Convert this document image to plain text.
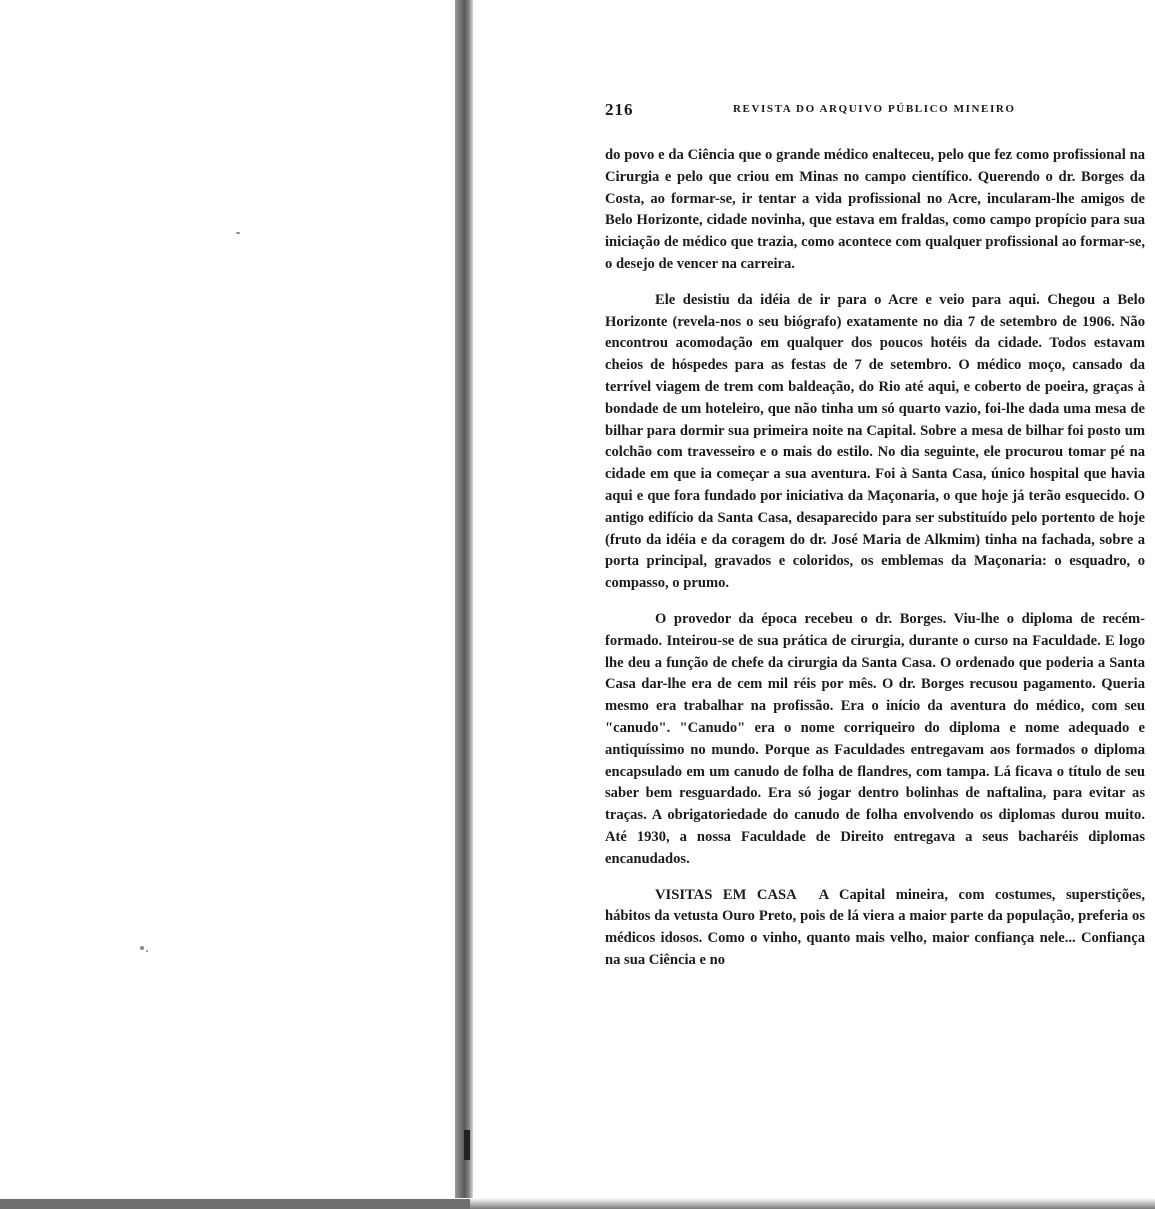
216	REVISTA DO ARQUIVO PÚBLICO MINEIRO

do povo e da Ciência que o grande médico enalteceu, pelo que fez como profissional na Cirurgia e pelo que criou em Minas no campo científico. Querendo o dr. Borges da Costa, ao formar-se, ir tentar a vida profissional no Acre, incularam-lhe amigos de Belo Horizonte, cidade novinha, que estava em fraldas, como campo propício para sua iniciação de médico que trazia, como acontece com qualquer profissional ao formar-se, o desejo de vencer na carreira.

Ele desistiu da idéia de ir para o Acre e veio para aqui. Chegou a Belo Horizonte (revela-nos o seu biógrafo) exatamente no dia 7 de setembro de 1906. Não encontrou acomodação em qualquer dos poucos hotéis da cidade. Todos estavam cheios de hóspedes para as festas de 7 de setembro. O médico moço, cansado da terrível viagem de trem com baldeação, do Rio até aqui, e coberto de poeira, graças à bondade de um hoteleiro, que não tinha um só quarto vazio, foi-lhe dada uma mesa de bilhar para dormir sua primeira noite na Capital. Sobre a mesa de bilhar foi posto um colchão com travesseiro e o mais do estilo. No dia seguinte, ele procurou tomar pé na cidade em que ia começar a sua aventura. Foi à Santa Casa, único hospital que havia aqui e que fora fundado por iniciativa da Maçonaria, o que hoje já terão esquecido. O antigo edifício da Santa Casa, desaparecido para ser substituído pelo portento de hoje (fruto da idéia e da coragem do dr. José Maria de Alkmim) tinha na fachada, sobre a porta principal, gravados e coloridos, os emblemas da Maçonaria: o esquadro, o compasso, o prumo.

O provedor da época recebeu o dr. Borges. Viu-lhe o diploma de recém-formado. Inteirou-se de sua prática de cirurgia, durante o curso na Faculdade. E logo lhe deu a função de chefe da cirurgia da Santa Casa. O ordenado que poderia a Santa Casa dar-lhe era de cem mil réis por mês. O dr. Borges recusou pagamento. Queria mesmo era trabalhar na profissão. Era o início da aventura do médico, com seu "canudo". "Canudo" era o nome corriqueiro do diploma e nome adequado e antiquíssimo no mundo. Porque as Faculdades entregavam aos formados o diploma encapsulado em um canudo de folha de flandres, com tampa. Lá ficava o título de seu saber bem resguardado. Era só jogar dentro bolinhas de naftalina, para evitar as traças. A obrigatoriedade do canudo de folha envolvendo os diplomas durou muito. Até 1930, a nossa Faculdade de Direito entregava a seus bacharéis diplomas encanudados.

VISITAS EM CASA A Capital mineira, com costumes, superstições, hábitos da vetusta Ouro Preto, pois de lá viera a maior parte da população, preferia os médicos idosos. Como o vinho, quanto mais velho, maior confiança nele... Confiança na sua Ciência e no
